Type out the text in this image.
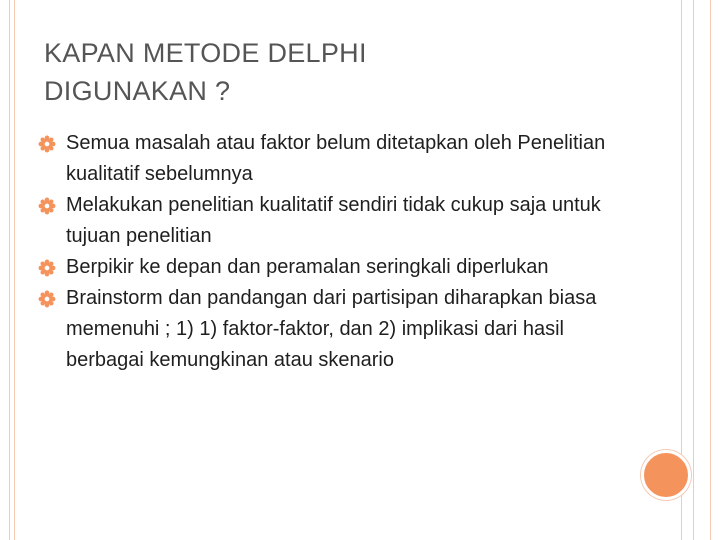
KAPAN METODE DELPHI
DIGUNAKAN ?
Semua masalah atau faktor belum ditetapkan oleh Penelitian kualitatif sebelumnya
Melakukan penelitian kualitatif sendiri tidak cukup saja untuk tujuan penelitian
Berpikir ke depan dan peramalan seringkali diperlukan
Brainstorm dan pandangan dari partisipan diharapkan biasa memenuhi ; 1) 1) faktor-faktor, dan 2) implikasi dari hasil berbagai kemungkinan atau skenario
